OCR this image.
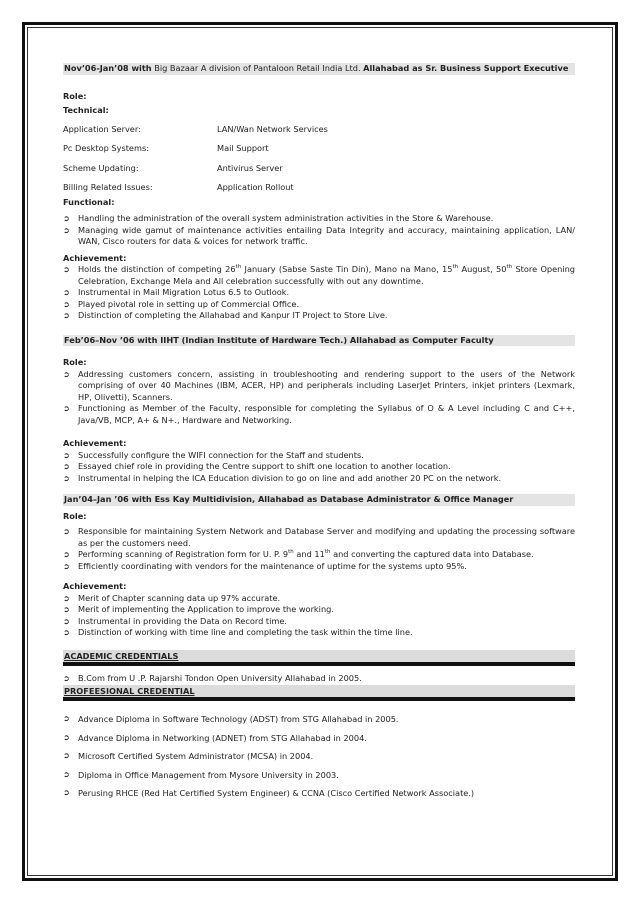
Nov’06-Jan’08 with Big Bazaar A division of Pantaloon Retail India Ltd. Allahabad as Sr. Business Support Executive
Role:
Technical:
Application Server:	LAN/Wan Network Services
Pc Desktop Systems:	Mail Support
Scheme Updating:	Antivirus Server
Billing Related Issues:	Application Rollout
Functional:
➲ Handling the administration of the overall system administration activities in the Store & Warehouse.
➲ Managing wide gamut of maintenance activities entailing Data Integrity and accuracy, maintaining application, LAN/ WAN, Cisco routers for data & voices for network traffic.
Achievement:
➲ Holds the distinction of competing 26th January (Sabse Saste Tin Din), Mano na Mano, 15th August, 50th Store Opening Celebration, Exchange Mela and All celebration successfully with out any downtime.
➲ Instrumental in Mail Migration Lotus 6.5 to Outlook.
➲ Played pivotal role in setting up of Commercial Office.
➲ Distinction of completing the Allahabad and Kanpur IT Project to Store Live.
Feb’06–Nov ’06 with IIHT (Indian Institute of Hardware Tech.) Allahabad as Computer Faculty
Role:
➲ Addressing customers concern, assisting in troubleshooting and rendering support to the users of the Network comprising of over 40 Machines (IBM, ACER, HP) and peripherals including LaserJet Printers, inkjet printers (Lexmark, HP, Olivetti), Scanners.
➲ Functioning as Member of the Faculty, responsible for completing the Syllabus of O & A Level including C and C++, Java/VB, MCP, A+ & N+., Hardware and Networking.
Achievement:
➲ Successfully configure the WIFI connection for the Staff and students.
➲ Essayed chief role in providing the Centre support to shift one location to another location.
➲ Instrumental in helping the ICA Education division to go on line and add another 20 PC on the network.
Jan’04–Jan ’06 with Ess Kay Multidivision, Allahabad as Database Administrator & Office Manager
Role:
➲ Responsible for maintaining System Network and Database Server and modifying and updating the processing software as per the customers need.
➲ Performing scanning of Registration form for U. P. 9th and 11th and converting the captured data into Database.
➲ Efficiently coordinating with vendors for the maintenance of uptime for the systems upto 95%.
Achievement:
➲ Merit of Chapter scanning data up 97% accurate.
➲ Merit of implementing the Application to improve the working.
➲ Instrumental in providing the Data on Record time.
➲ Distinction of working with time line and completing the task within the time line.
ACADEMIC CREDENTIALS
➲ B.Com from U .P. Rajarshi Tondon Open University Allahabad in 2005.
PROFEESIONAL CREDENTIAL
➲ Advance Diploma in Software Technology (ADST) from STG Allahabad in 2005.
➲ Advance Diploma in Networking (ADNET) from STG Allahabad in 2004.
➲ Microsoft Certified System Administrator (MCSA) in 2004.
➲ Diploma in Office Management from Mysore University in 2003.
➲ Perusing RHCE (Red Hat Certified System Engineer) & CCNA (Cisco Certified Network Associate.)
